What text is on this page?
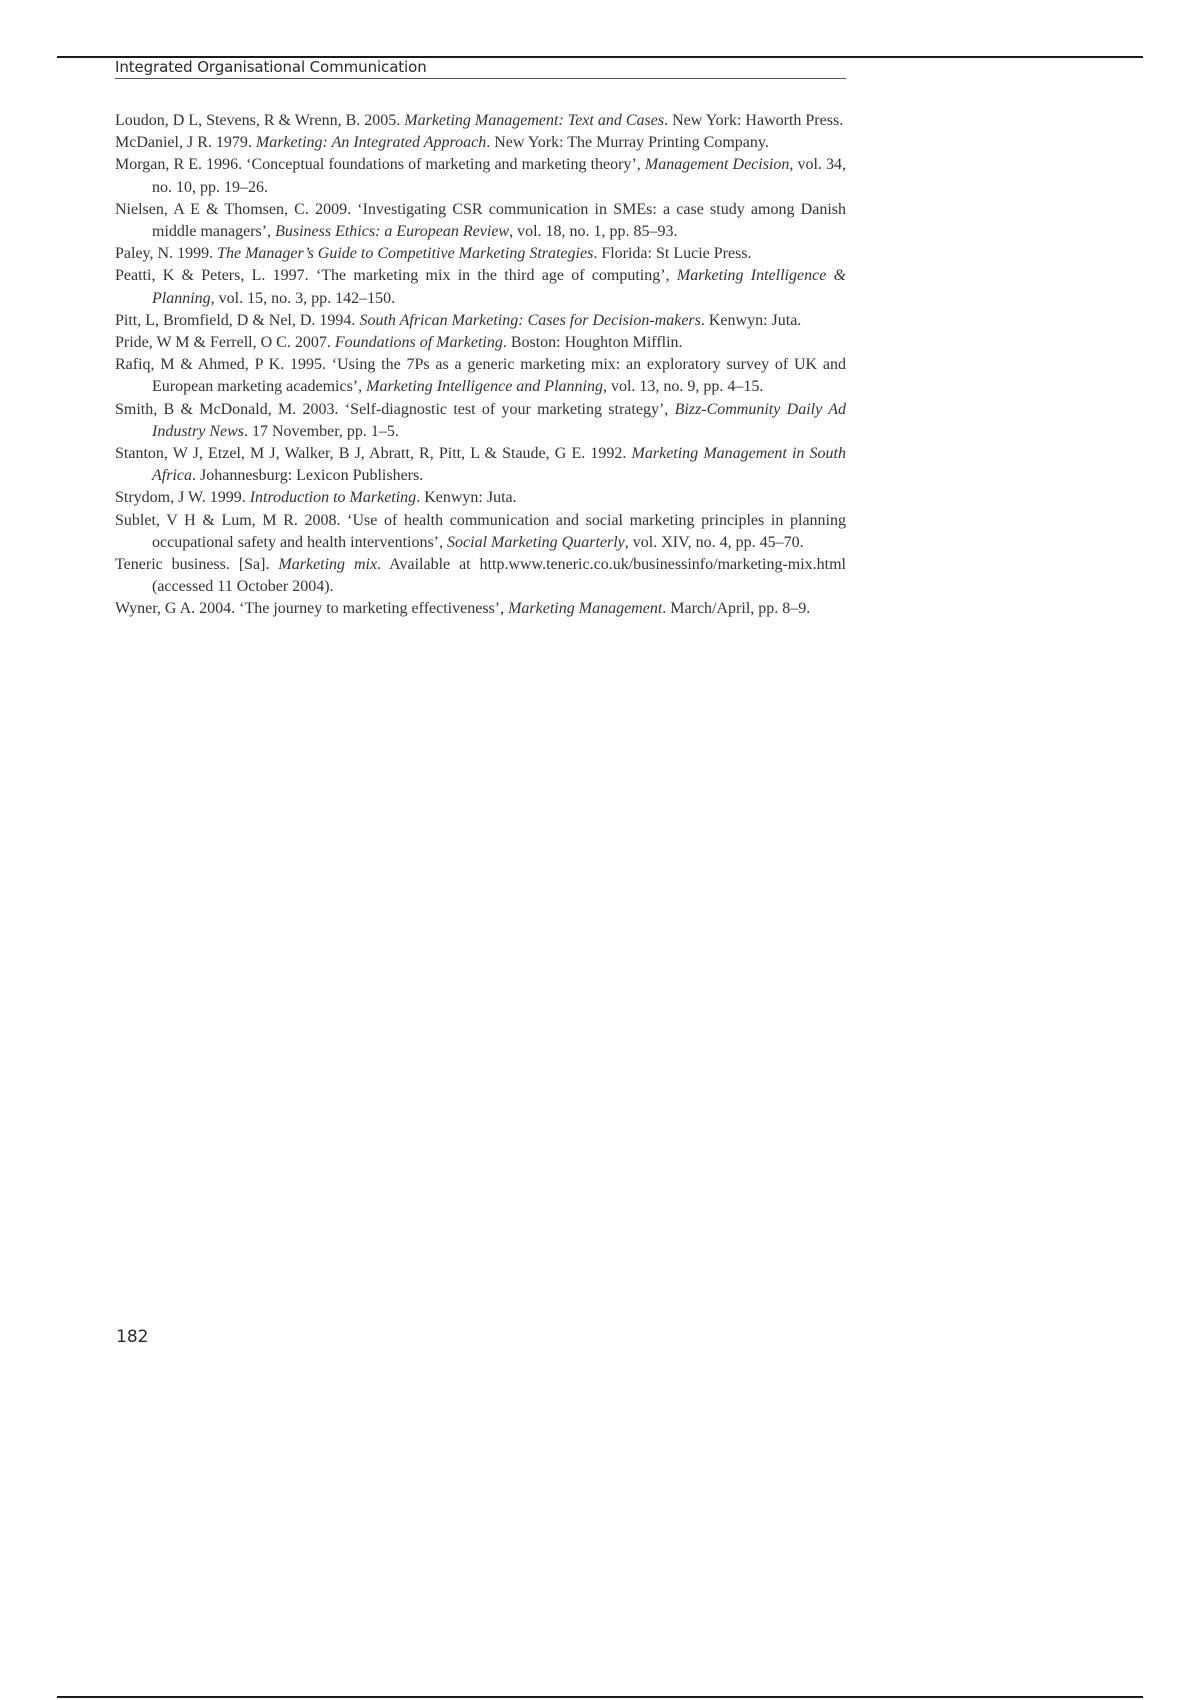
Integrated Organisational Communication
Loudon, D L, Stevens, R & Wrenn, B. 2005. Marketing Management: Text and Cases. New York: Haworth Press.
McDaniel, J R. 1979. Marketing: An Integrated Approach. New York: The Murray Printing Company.
Morgan, R E. 1996. ‘Conceptual foundations of marketing and marketing theory’, Management Decision, vol. 34, no. 10, pp. 19–26.
Nielsen, A E & Thomsen, C. 2009. ‘Investigating CSR communication in SMEs: a case study among Danish middle managers’, Business Ethics: a European Review, vol. 18, no. 1, pp. 85–93.
Paley, N. 1999. The Manager’s Guide to Competitive Marketing Strategies. Florida: St Lucie Press.
Peatti, K & Peters, L. 1997. ‘The marketing mix in the third age of computing’, Marketing Intelligence & Planning, vol. 15, no. 3, pp. 142–150.
Pitt, L, Bromfield, D & Nel, D. 1994. South African Marketing: Cases for Decision-makers. Kenwyn: Juta.
Pride, W M & Ferrell, O C. 2007. Foundations of Marketing. Boston: Houghton Mifflin.
Rafiq, M & Ahmed, P K. 1995. ‘Using the 7Ps as a generic marketing mix: an exploratory survey of UK and European marketing academics’, Marketing Intelligence and Planning, vol. 13, no. 9, pp. 4–15.
Smith, B & McDonald, M. 2003. ‘Self-diagnostic test of your marketing strategy’, Bizz-Community Daily Ad Industry News. 17 November, pp. 1–5.
Stanton, W J, Etzel, M J, Walker, B J, Abratt, R, Pitt, L & Staude, G E. 1992. Marketing Management in South Africa. Johannesburg: Lexicon Publishers.
Strydom, J W. 1999. Introduction to Marketing. Kenwyn: Juta.
Sublet, V H & Lum, M R. 2008. ‘Use of health communication and social marketing principles in planning occupational safety and health interventions’, Social Marketing Quarterly, vol. XIV, no. 4, pp. 45–70.
Teneric business. [Sa]. Marketing mix. Available at http.www.teneric.co.uk/businessinfo/marketing-mix.html (accessed 11 October 2004).
Wyner, G A. 2004. ‘The journey to marketing effectiveness’, Marketing Management. March/April, pp. 8–9.
182
